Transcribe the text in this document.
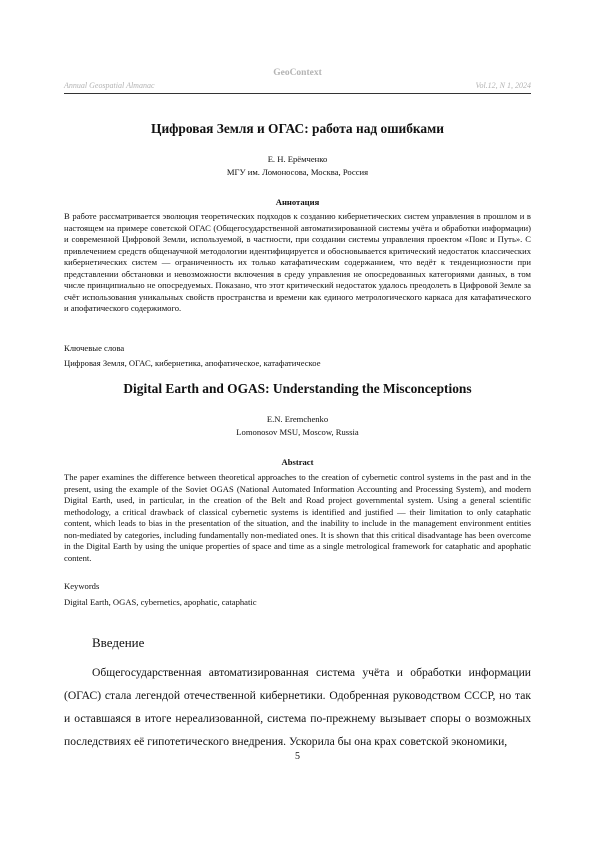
GeoContext
Annual Geospatial Almanac	Vol.12, N 1, 2024
Цифровая Земля и ОГАС: работа над ошибками
Е. Н. Ерёмченко
МГУ им. Ломоносова, Москва, Россия
Аннотация
В работе рассматривается эволюция теоретических подходов к созданию кибернетических систем управления в прошлом и в настоящем на примере советской ОГАС (Общегосударственной автоматизированной системы учёта и обработки информации) и современной Цифровой Земли, используемой, в частности, при создании системы управления проектом «Пояс и Путь». С привлечением средств общенаучной методологии идентифицируется и обосновывается критический недостаток классических кибернетических систем — ограниченность их только катафатическим содержанием, что ведёт к тенденциозности при представлении обстановки и невозможности включения в среду управления не опосредованных категориями данных, в том числе принципиально не опосредуемых. Показано, что этот критический недостаток удалось преодолеть в Цифровой Земле за счёт использования уникальных свойств пространства и времени как единого метрологического каркаса для катафатического и апофатического содержимого.
Ключевые слова
Цифровая Земля, ОГАС, кибернетика, апофатическое, катафатическое
Digital Earth and OGAS: Understanding the Misconceptions
E.N. Eremchenko
Lomonosov MSU, Moscow, Russia
Abstract
The paper examines the difference between theoretical approaches to the creation of cybernetic control systems in the past and in the present, using the example of the Soviet OGAS (National Automated Information Accounting and Processing System), and modern Digital Earth, used, in particular, in the creation of the Belt and Road project governmental system. Using a general scientific methodology, a critical drawback of classical cybernetic systems is identified and justified — their limitation to only cataphatic content, which leads to bias in the presentation of the situation, and the inability to include in the management environment entities non-mediated by categories, including fundamentally non-mediated ones. It is shown that this critical disadvantage has been overcome in the Digital Earth by using the unique properties of space and time as a single metrological framework for cataphatic and apophatic content.
Keywords
Digital Earth, OGAS, cybernetics, apophatic, cataphatic
Введение
Общегосударственная автоматизированная система учёта и обработки информации (ОГАС) стала легендой отечественной кибернетики. Одобренная руководством СССР, но так и оставшаяся в итоге нереализованной, система по-прежнему вызывает споры о возможных последствиях её гипотетического внедрения. Ускорила бы она крах советской экономики,
5
